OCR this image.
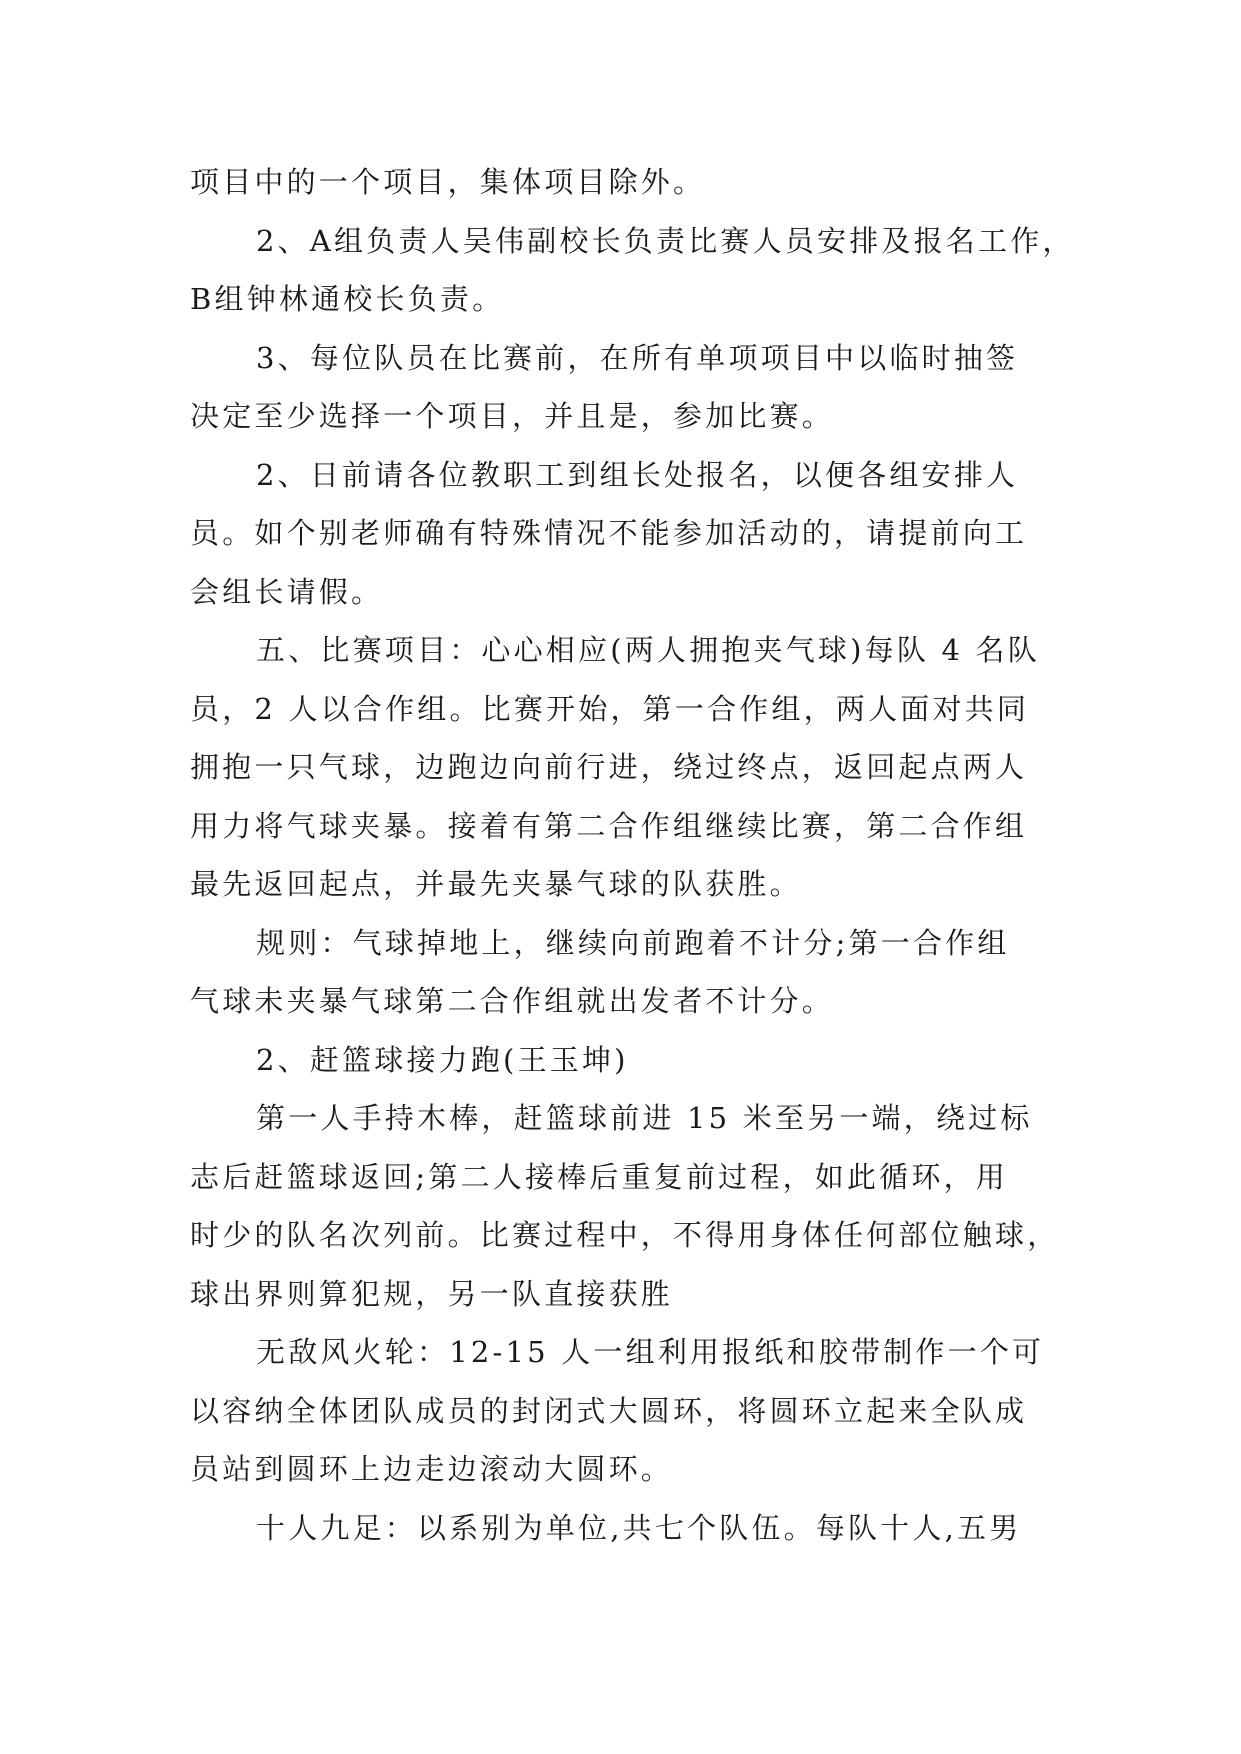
项目中的一个项目，集体项目除外。
2、A组负责人吴伟副校长负责比赛人员安排及报名工作，
B组钟林通校长负责。
3、每位队员在比赛前，在所有单项项目中以临时抽签
决定至少选择一个项目，并且是，参加比赛。
2、日前请各位教职工到组长处报名，以便各组安排人
员。如个别老师确有特殊情况不能参加活动的，请提前向工
会组长请假。
五、比赛项目：心心相应(两人拥抱夹气球)每队 4 名队
员，2 人以合作组。比赛开始，第一合作组，两人面对共同
拥抱一只气球，边跑边向前行进，绕过终点，返回起点两人
用力将气球夹暴。接着有第二合作组继续比赛，第二合作组
最先返回起点，并最先夹暴气球的队获胜。
规则：气球掉地上，继续向前跑着不计分;第一合作组
气球未夹暴气球第二合作组就出发者不计分。
2、赶篮球接力跑(王玉坤)
第一人手持木棒，赶篮球前进 15 米至另一端，绕过标
志后赶篮球返回;第二人接棒后重复前过程，如此循环，用
时少的队名次列前。比赛过程中，不得用身体任何部位触球，
球出界则算犯规，另一队直接获胜
无敌风火轮：12-15 人一组利用报纸和胶带制作一个可
以容纳全体团队成员的封闭式大圆环，将圆环立起来全队成
员站到圆环上边走边滚动大圆环。
十人九足：以系别为单位,共七个队伍。每队十人,五男
